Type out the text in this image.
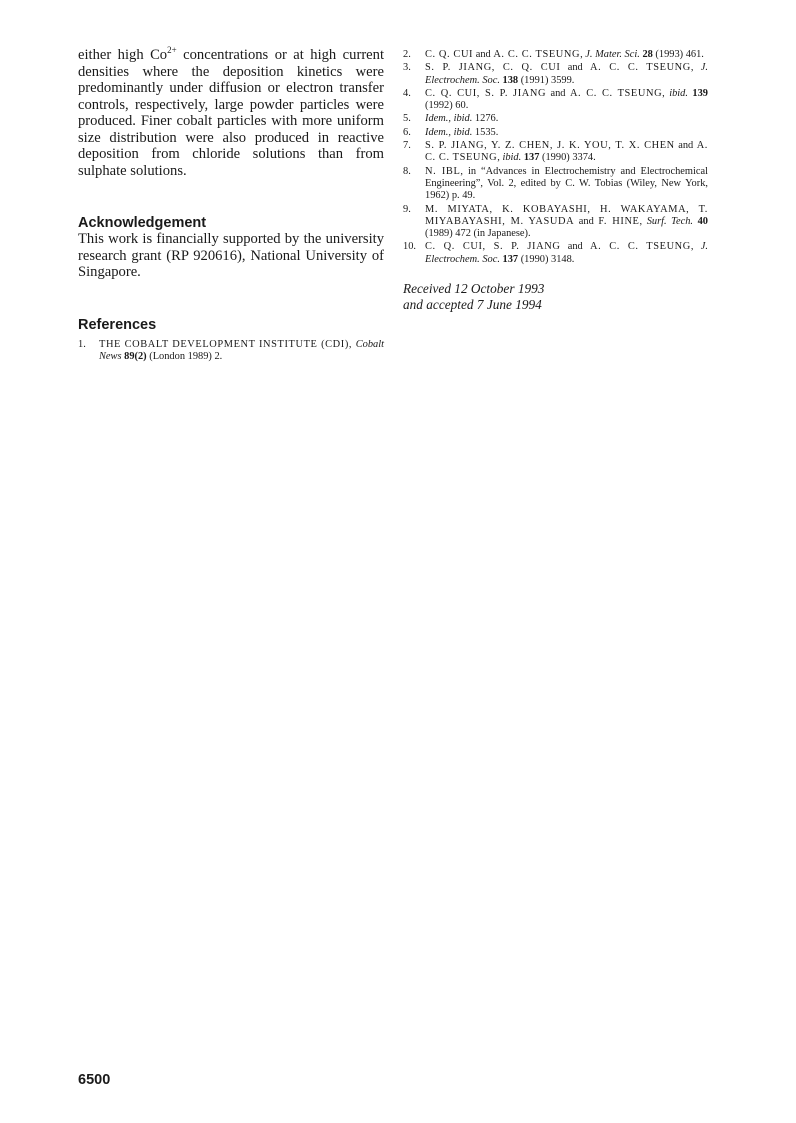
either high $Co^{2+}$ concentrations or at high current densities where the deposition kinetics were predominantly under diffusion or electron transfer controls, respectively, large powder particles were produced. Finer cobalt particles with more uniform size distribution were also produced in reactive deposition from chloride solutions than from sulphate solutions.

Acknowledgement

This work is financially supported by the university research grant (RP 920616), National University of Singapore.

References
1.	THE COBALT DEVELOPMENT INSTITUTE (CDI), Cobalt News 89(2) (London 1989) 2.
2.	C. Q. CUI and A. C. C. TSEUNG, J. Mater. Sci. 28 (1993) 461.
3.	S. P. JIANG, C. Q. CUI and A. C. C. TSEUNG, J. Electrochem. Soc. 138 (1991) 3599.
4.	C. Q. CUI, S. P. JIANG and A. C. C. TSEUNG, ibid. 139 (1992) 60.
5.	Idem., ibid. 1276.
6.	Idem., ibid. 1535.
7.	S. P. JIANG, Y. Z. CHEN, J. K. YOU, T. X. CHEN and A. C. C. TSEUNG, ibid. 137 (1990) 3374.
8.	N. IBL, in “Advances in Electrochemistry and Electrochemical Engineering”, Vol. 2, edited by C. W. Tobias (Wiley, New York, 1962) p. 49.
9.	M. MIYATA, K. KOBAYASHI, H. WAKAYAMA, T. MIYABAYASHI, M. YASUDA and F. HINE, Surf. Tech. 40 (1989) 472 (in Japanese).
10. C. Q. CUI, S. P. JIANG and A. C. C. TSEUNG, J. Electrochem. Soc. 137 (1990) 3148.
Received 12 October 1993
and accepted 7 June 1994
6500
